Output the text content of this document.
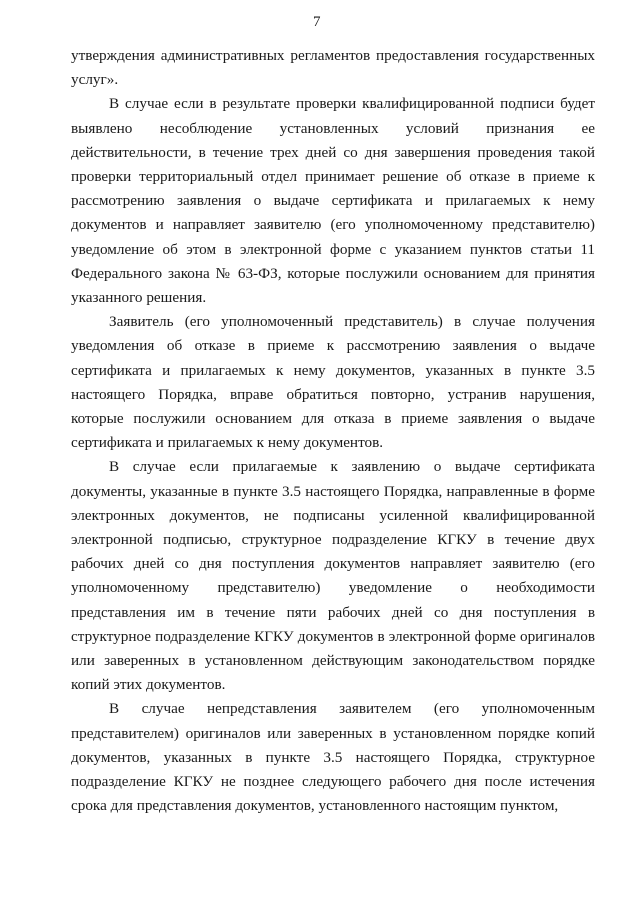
7

утверждения административных регламентов предоставления государственных услуг».

В случае если в результате проверки квалифицированной подписи будет выявлено несоблюдение установленных условий признания ее действительности, в течение трех дней со дня завершения проведения такой проверки территориальный отдел принимает решение об отказе в приеме к рассмотрению заявления о выдаче сертификата и прилагаемых к нему документов и направляет заявителю (его уполномоченному представителю) уведомление об этом в электронной форме с указанием пунктов статьи 11 Федерального закона № 63-ФЗ, которые послужили основанием для принятия указанного решения.

Заявитель (его уполномоченный представитель) в случае получения уведомления об отказе в приеме к рассмотрению заявления о выдаче сертификата и прилагаемых к нему документов, указанных в пункте 3.5 настоящего Порядка, вправе обратиться повторно, устранив нарушения, которые послужили основанием для отказа в приеме заявления о выдаче сертификата и прилагаемых к нему документов.

В случае если прилагаемые к заявлению о выдаче сертификата документы, указанные в пункте 3.5 настоящего Порядка, направленные в форме электронных документов, не подписаны усиленной квалифицированной электронной подписью, структурное подразделение КГКУ в течение двух рабочих дней со дня поступления документов направляет заявителю (его уполномоченному представителю) уведомление о необходимости представления им в течение пяти рабочих дней со дня поступления в структурное подразделение КГКУ документов в электронной форме оригиналов или заверенных в установленном действующим законодательством порядке копий этих документов.

В случае непредставления заявителем (его уполномоченным представителем) оригиналов или заверенных в установленном порядке копий документов, указанных в пункте 3.5 настоящего Порядка, структурное подразделение КГКУ не позднее следующего рабочего дня после истечения срока для представления документов, установленного настоящим пунктом,
